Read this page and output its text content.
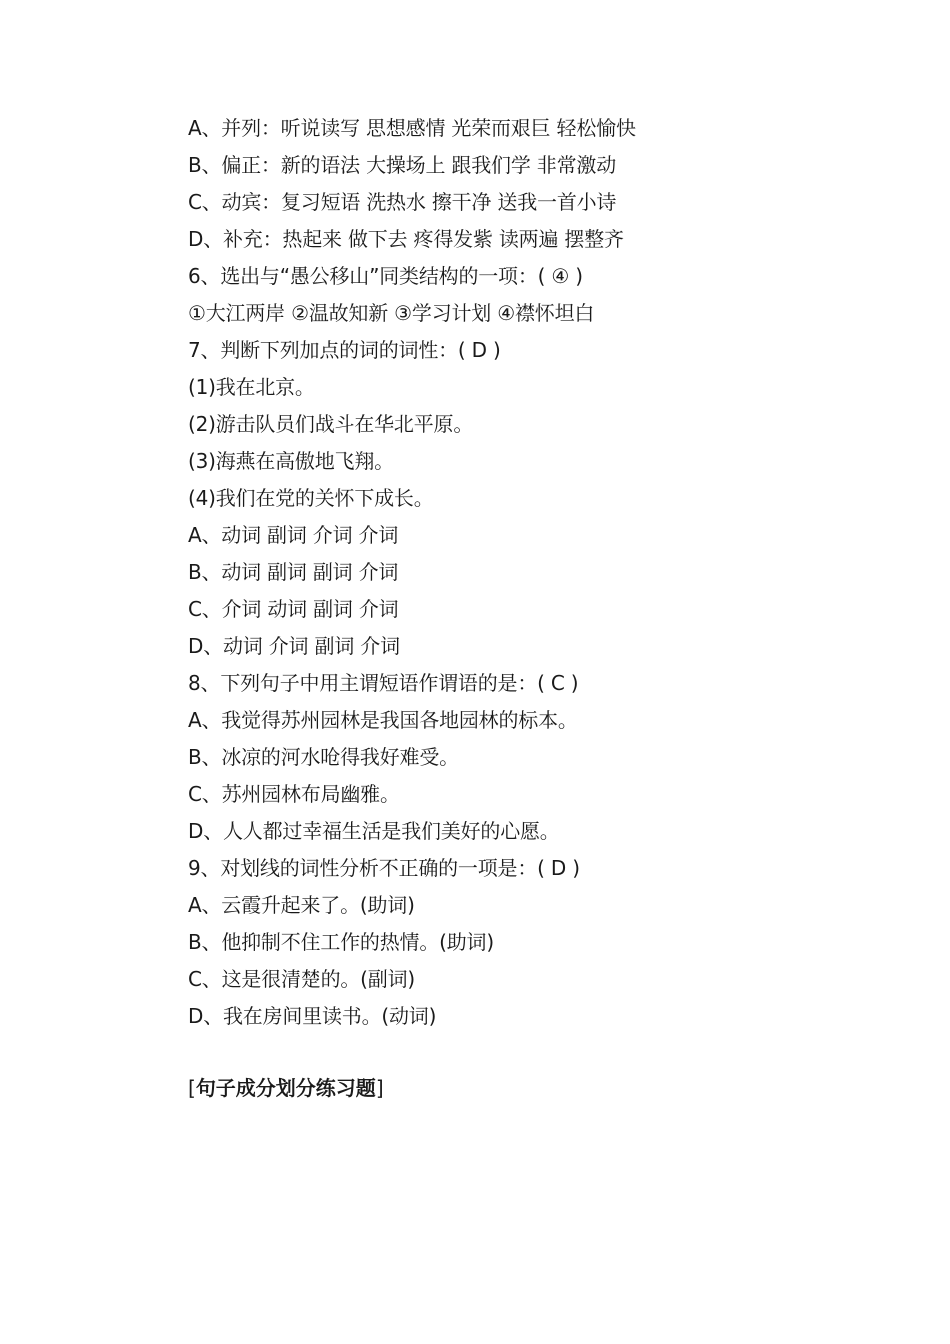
A、并列：听说读写 思想感情 光荣而艰巨 轻松愉快
B、偏正：新的语法 大操场上 跟我们学 非常激动
C、动宾：复习短语 洗热水 擦干净 送我一首小诗
D、补充：热起来 做下去 疼得发紫 读两遍 摆整齐
6、选出与“愚公移山”同类结构的一项：( ④ )
①大江两岸 ②温故知新 ③学习计划 ④襟怀坦白
7、判断下列加点的词的词性：( D )
(1)我在北京。
(2)游击队员们战斗在华北平原。
(3)海燕在高傲地飞翔。
(4)我们在党的关怀下成长。
A、动词 副词 介词 介词
B、动词 副词 副词 介词
C、介词 动词 副词 介词
D、动词 介词 副词 介词
8、下列句子中用主谓短语作谓语的是：( C )
A、我觉得苏州园林是我国各地园林的标本。
B、冰凉的河水呛得我好难受。
C、苏州园林布局幽雅。
D、人人都过幸福生活是我们美好的心愿。
9、对划线的词性分析不正确的一项是：( D )
A、云霞升起来了。(助词)
B、他抑制不住工作的热情。(助词)
C、这是很清楚的。(副词)
D、我在房间里读书。(动词)
[句子成分划分练习题]
